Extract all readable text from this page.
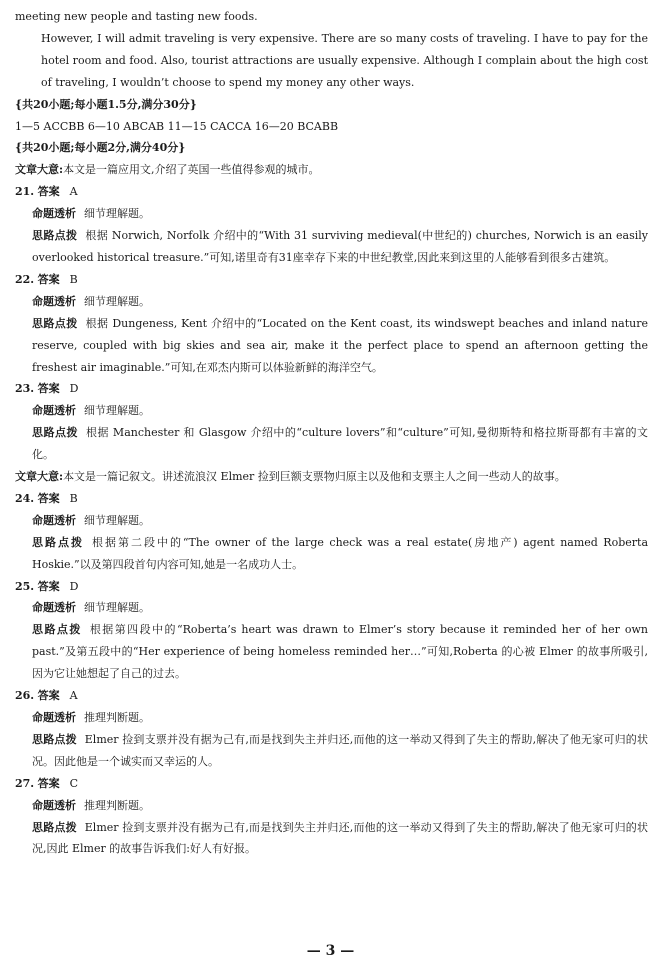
meeting new people and tasting new foods.

However, I will admit traveling is very expensive. There are so many costs of traveling. I have to pay for the hotel room and food. Also, tourist attractions are usually expensive. Although I complain about the high cost of traveling, I wouldn’t choose to spend my money any other ways.

{共20小题;每小题1.5分,满分30分}

1—5 ACCBB 6—10 ABCAB 11—15 CACCA 16—20 BCABB

{共20小题;每小题2分,满分40分}

文章大意:本文是一篇应用文,介绍了英国一些值得参观的城市。

21. 答案 A

命题透析 细节理解题。

思路点拨 根据 Norwich, Norfolk 介绍中的“With 31 surviving medieval(中世纪的) churches, Norwich is an easily overlooked historical treasure.”可知,诺里奇有31座幸存下来的中世纪教堂,因此来到这里的人能够看到很多古建筑。

22. 答案 B

命题透析 细节理解题。

思路点拨 根据 Dungeness, Kent 介绍中的“Located on the Kent coast, its windswept beaches and inland nature reserve, coupled with big skies and sea air, make it the perfect place to spend an afternoon getting the freshest air imaginable.”可知,在邓杰内斯可以体验新鲜的海洋空气。

23. 答案 D

命题透析 细节理解题。

思路点拨 根据 Manchester 和 Glasgow 介绍中的“culture lovers”和“culture”可知,曼彻斯特和格拉斯哥都有丰富的文化。

文章大意:本文是一篇记叙文。讲述流浪汉 Elmer 捡到巨额支票物归原主以及他和支票主人之间一些动人的故事。

24. 答案 B

命题透析 细节理解题。

思路点拨 根据第二段中的“The owner of the large check was a real estate(房地产) agent named Roberta Hoskie.”以及第四段首句内容可知,她是一名成功人士。

25. 答案 D

命题透析 细节理解题。

思路点拨 根据第四段中的“Roberta’s heart was drawn to Elmer’s story because it reminded her of her own past.”及第五段中的“Her experience of being homeless reminded her…”可知,Roberta 的心被 Elmer 的故事所吸引,因为它让她想起了自己的过去。

26. 答案 A

命题透析 推理判断题。

思路点拨 Elmer 捡到支票并没有据为己有,而是找到失主并归还,而他的这一举动又得到了失主的帮助,解决了他无家可归的状况。因此他是一个诚实而又幸运的人。

27. 答案 C

命题透析 推理判断题。

思路点拨 Elmer 捡到支票并没有据为己有,而是找到失主并归还,而他的这一举动又得到了失主的帮助,解决了他无家可归的状况,因此 Elmer 的故事告诉我们:好人有好报。

— 3 —
